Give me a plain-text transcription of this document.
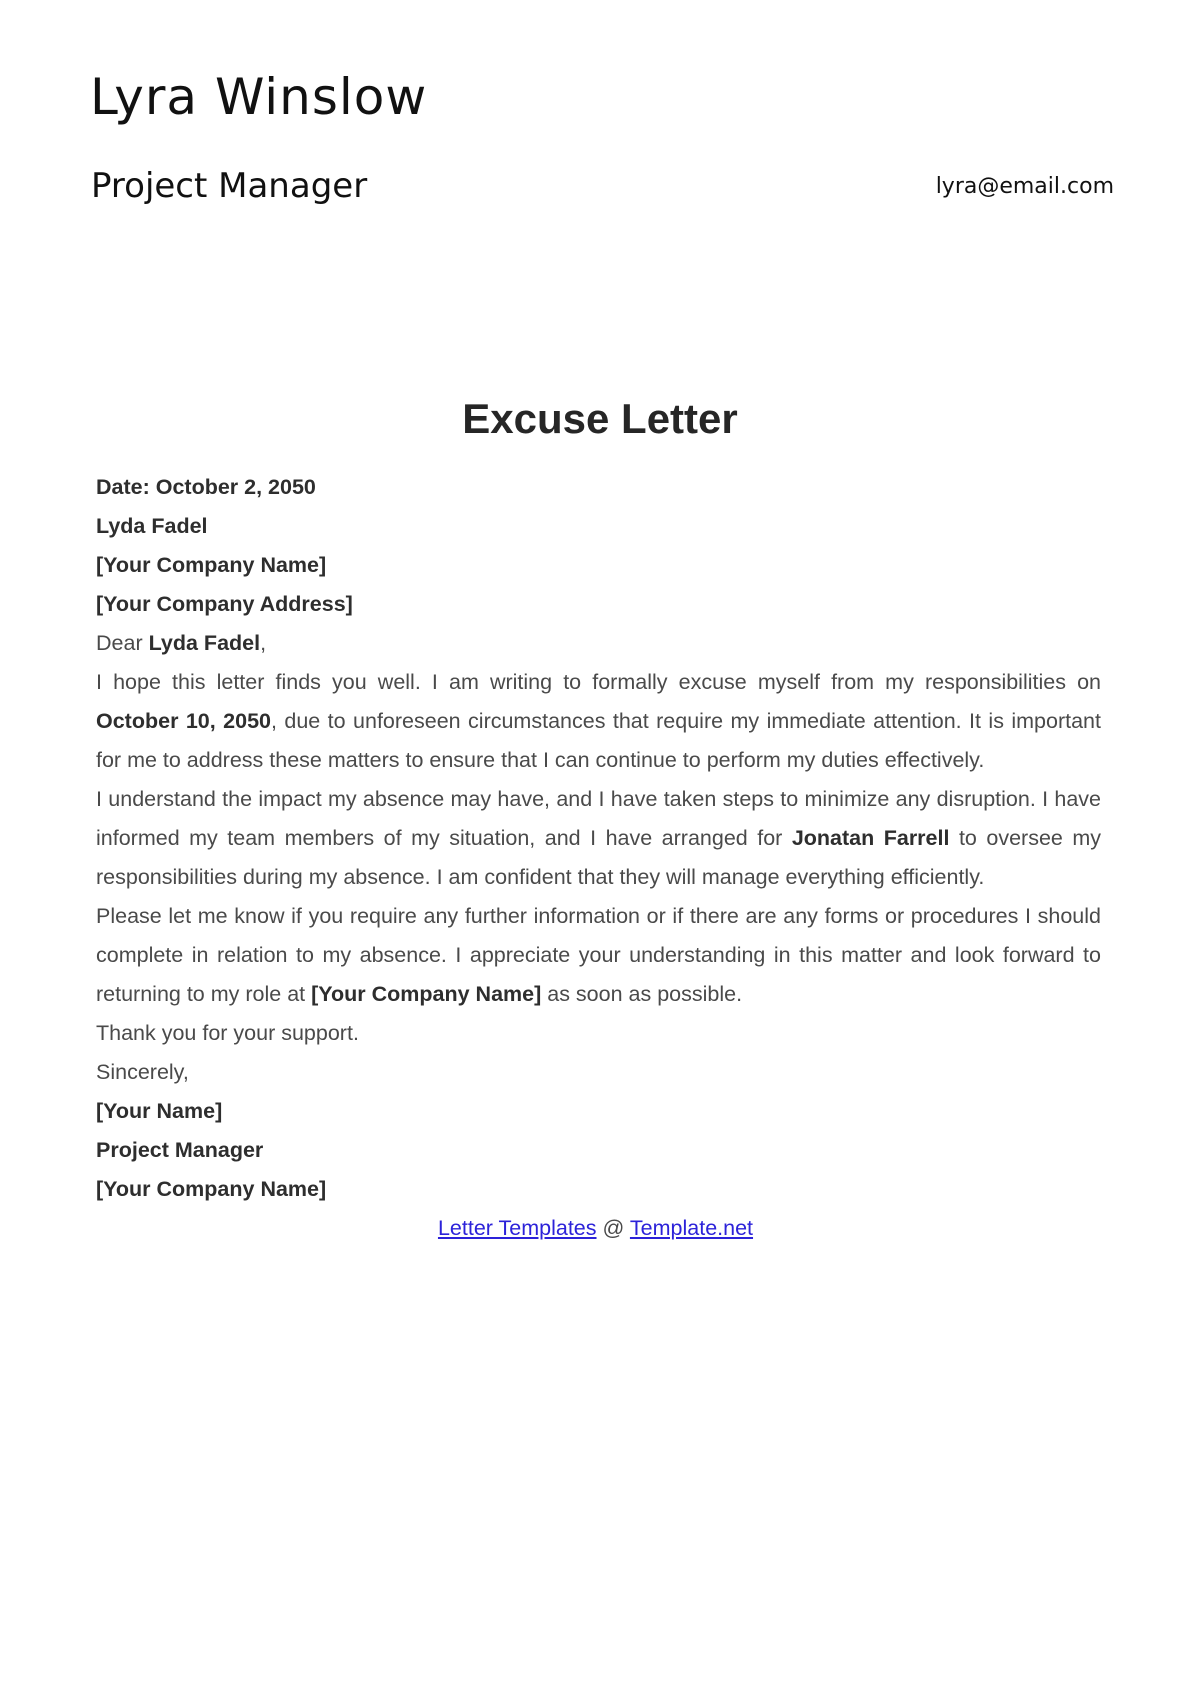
Lyra Winslow
Project Manager	lyra@email.com
Excuse Letter

Date: October 2, 2050

Lyda Fadel

[Your Company Name]

[Your Company Address]

Dear Lyda Fadel,

I hope this letter finds you well. I am writing to formally excuse myself from my responsibilities on October 10, 2050, due to unforeseen circumstances that require my immediate attention. It is important for me to address these matters to ensure that I can continue to perform my duties effectively.

I understand the impact my absence may have, and I have taken steps to minimize any disruption. I have informed my team members of my situation, and I have arranged for Jonatan Farrell to oversee my responsibilities during my absence. I am confident that they will manage everything efficiently.

Please let me know if you require any further information or if there are any forms or procedures I should complete in relation to my absence. I appreciate your understanding in this matter and look forward to returning to my role at [Your Company Name] as soon as possible.

Thank you for your support.

Sincerely,

[Your Name]

Project Manager

[Your Company Name]

Letter Templates @ Template.net
